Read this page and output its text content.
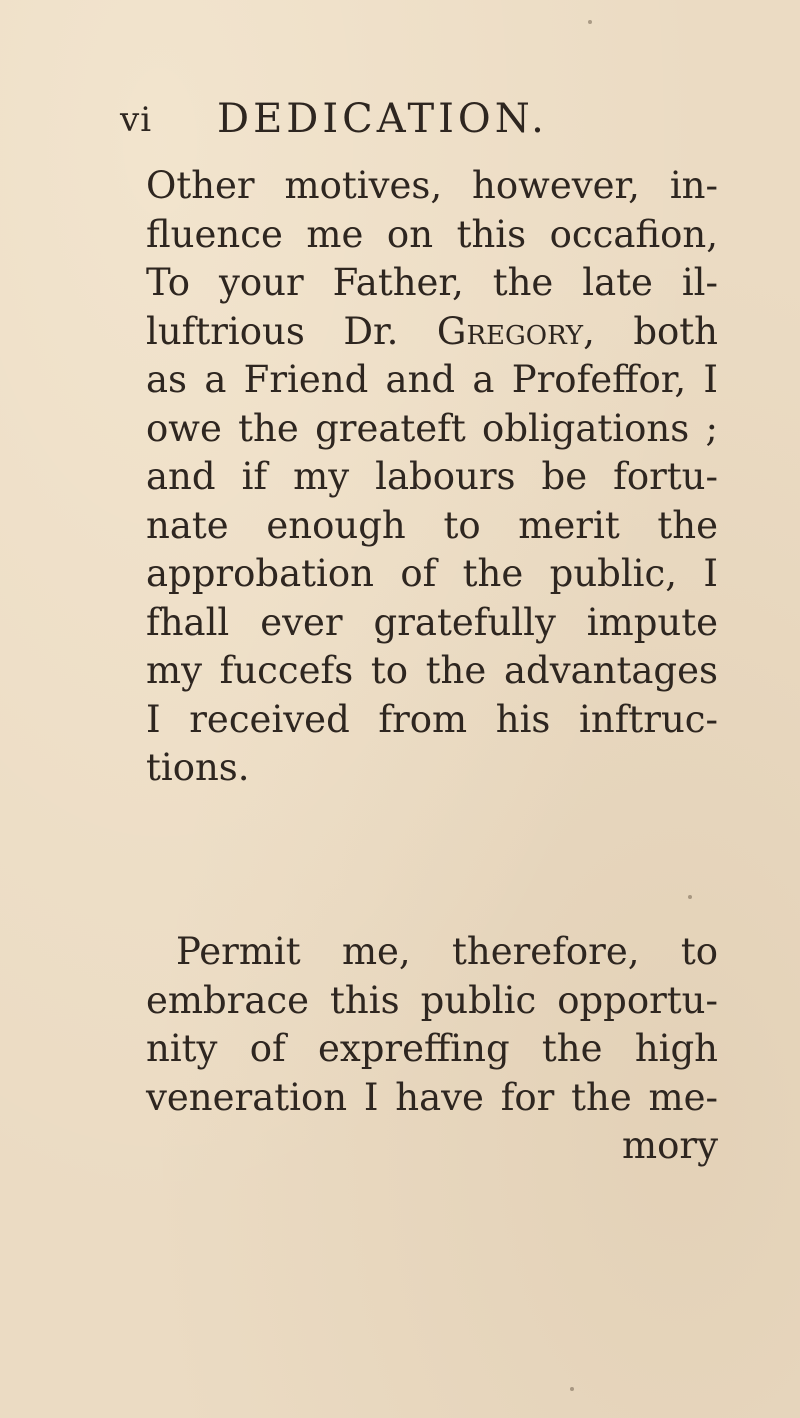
vi DEDICATION.
Other motives, however, in-
fluence me on this occafion,
To your Father, the late il-
luftrious Dr. Gregory, both
as a Friend and a Profeffor, I
owe the greateft obligations ;
and if my labours be fortu-
nate enough to merit the
approbation of the public, I
fhall ever gratefully impute
my fuccefs to the advantages
I received from his inftruc-
tions.
Permit me, therefore, to
embrace this public opportu-
nity of expreffing the high
veneration I have for the me-
mory
